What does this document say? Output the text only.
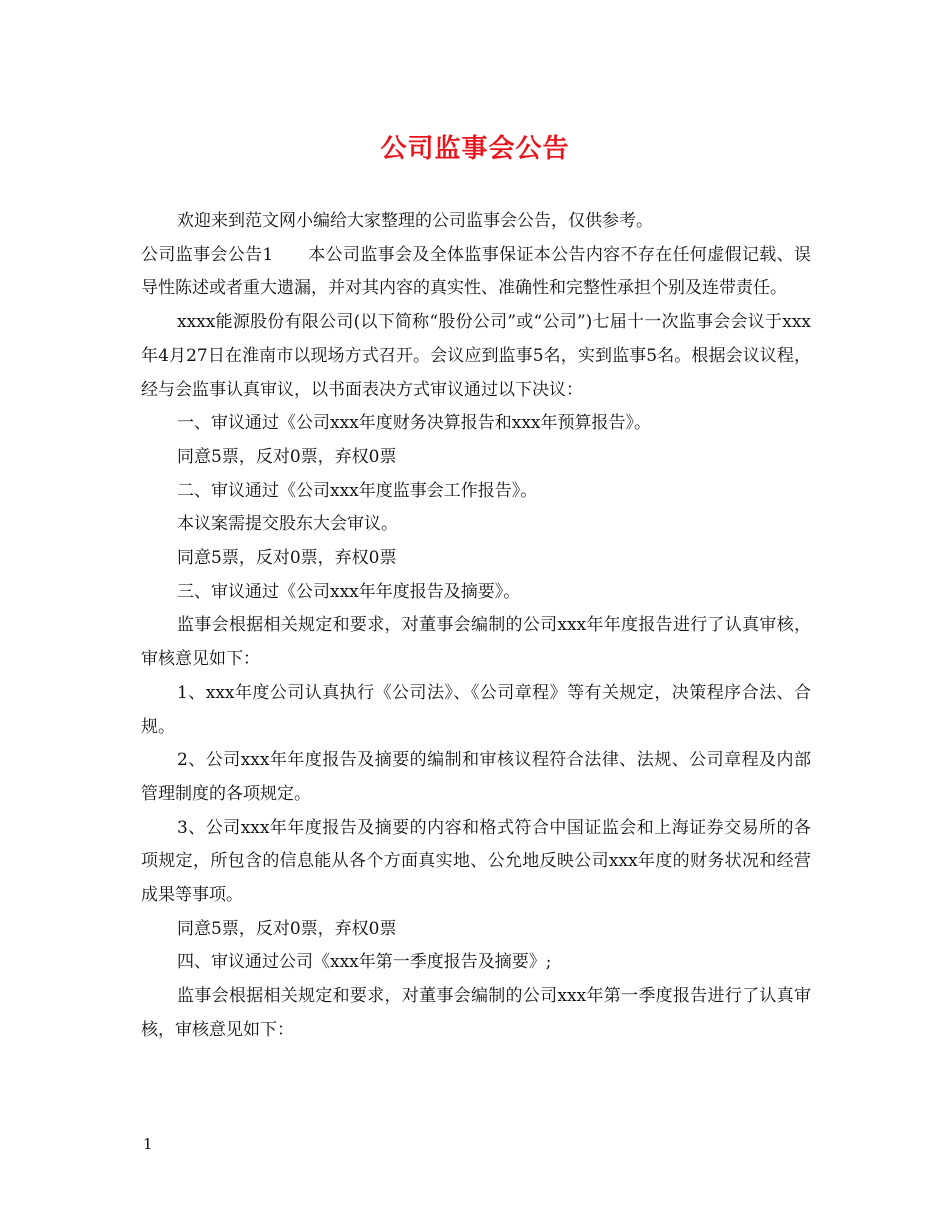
公司监事会公告

欢迎来到范文网小编给大家整理的公司监事会公告，仅供参考。

公司监事会公告1　　本公司监事会及全体监事保证本公告内容不存在任何虚假记载、误导性陈述或者重大遗漏，并对其内容的真实性、准确性和完整性承担个别及连带责任。

xxxx能源股份有限公司(以下简称“股份公司”或“公司”)七届十一次监事会会议于xxx年4月27日在淮南市以现场方式召开。会议应到监事5名，实到监事5名。根据会议议程，经与会监事认真审议，以书面表决方式审议通过以下决议：

一、审议通过《公司xxx年度财务决算报告和xxx年预算报告》。

同意5票，反对0票，弃权0票

二、审议通过《公司xxx年度监事会工作报告》。

本议案需提交股东大会审议。

同意5票，反对0票，弃权0票

三、审议通过《公司xxx年年度报告及摘要》。

监事会根据相关规定和要求，对董事会编制的公司xxx年年度报告进行了认真审核，审核意见如下：

1、xxx年度公司认真执行《公司法》、《公司章程》等有关规定，决策程序合法、合规。

2、公司xxx年年度报告及摘要的编制和审核议程符合法律、法规、公司章程及内部管理制度的各项规定。

3、公司xxx年年度报告及摘要的内容和格式符合中国证监会和上海证券交易所的各项规定，所包含的信息能从各个方面真实地、公允地反映公司xxx年度的财务状况和经营成果等事项。

同意5票，反对0票，弃权0票

四、审议通过公司《xxx年第一季度报告及摘要》;

监事会根据相关规定和要求，对董事会编制的公司xxx年第一季度报告进行了认真审核，审核意见如下：

1
